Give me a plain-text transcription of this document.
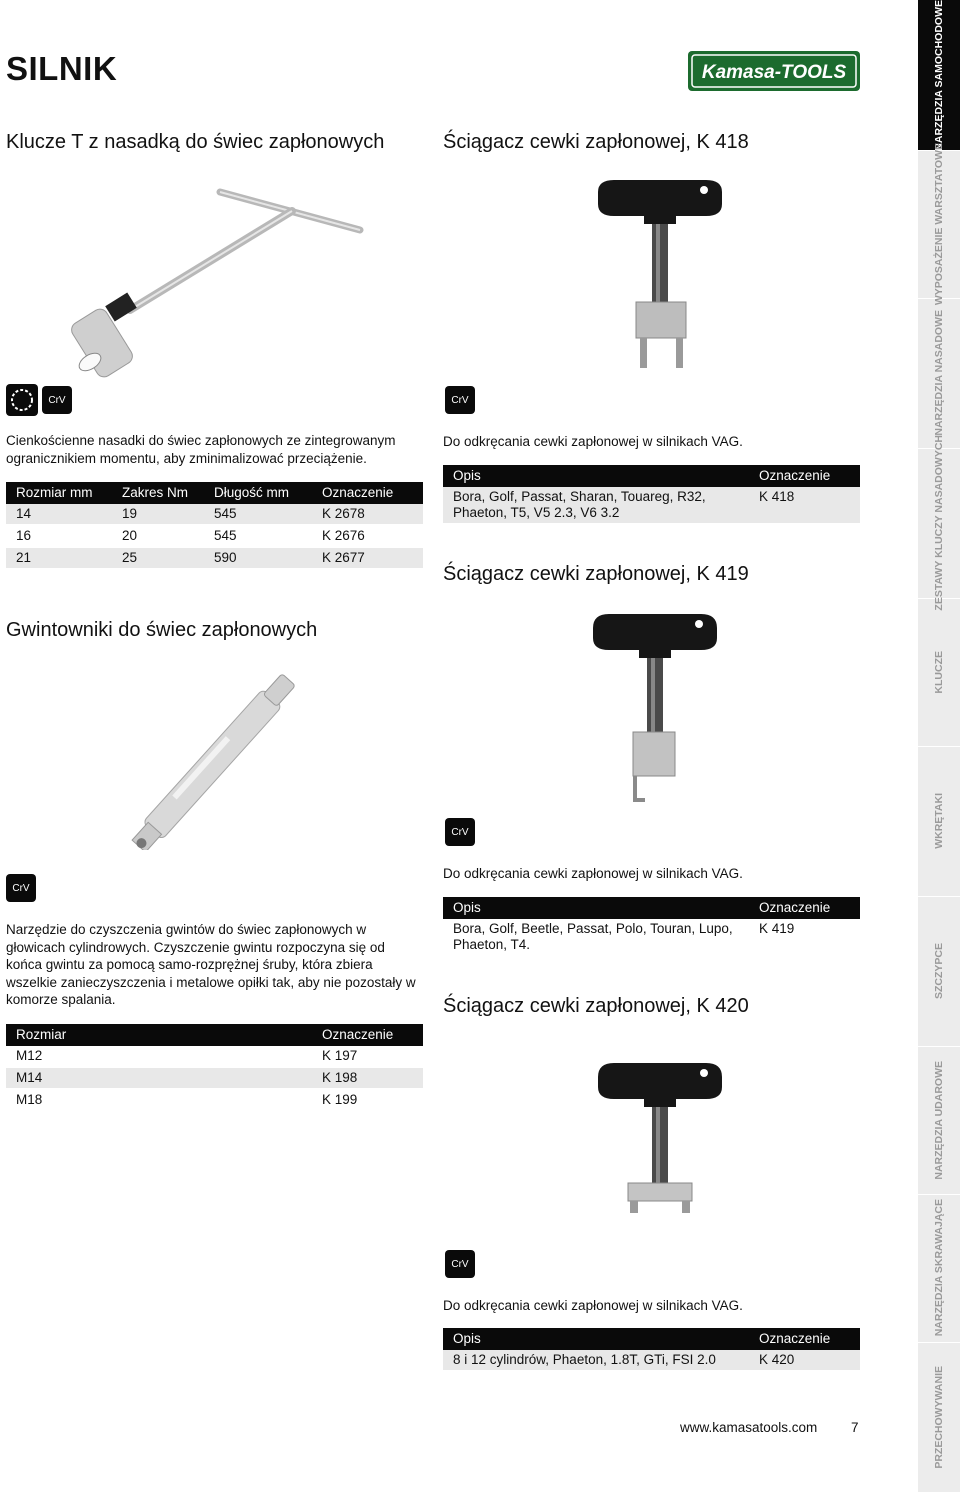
NARZĘDZIA SAMOCHODOWE
WYPOSAŻENIE WARSZTATOWE
NARZĘDZIA NASADOWE
ZESTAWY KLUCZY NASADOWYCH
KLUCZE
WKRĘTAKI
SZCZYPCE
NARZĘDZIA UDAROWE
NARZĘDZIA SKRAWAJĄCE
PRZECHOWYWANIE
SILNIK	Kamasa-TOOLS
Klucze T z nasadką do świec zapłonowych
CrV
Cienkościenne nasadki do świec zapłonowych ze zintegrowanym ogranicznikiem momentu, aby zminimalizować przeciążenie.
Rozmiar mm	Zakres Nm	Długość mm	Oznaczenie
14	19	545	K 2678
16	20	545	K 2676
21	25	590	K 2677
Gwintowniki do świec zapłonowych
CrV
Narzędzie do czyszczenia gwintów do świec zapłonowych w głowicach cylindrowych. Czyszczenie gwintu rozpoczyna się od końca gwintu za pomocą samo-rozprężnej śruby, która zbiera wszelkie zanieczyszczenia i metalowe opiłki tak, aby nie pozostały w komorze spalania.
Rozmiar	Oznaczenie
M12	K 197
M14	K 198
M18	K 199
Ściągacz cewki zapłonowej, K 418
CrV
Do odkręcania cewki zapłonowej w silnikach VAG.
Opis	Oznaczenie
Bora, Golf, Passat, Sharan, Touareg, R32, Phaeton, T5, V5 2.3, V6 3.2	K 418
Ściągacz cewki zapłonowej, K 419
CrV
Do odkręcania cewki zapłonowej w silnikach VAG.
Opis	Oznaczenie
Bora, Golf, Beetle, Passat, Polo, Touran, Lupo, Phaeton, T4.	K 419
Ściągacz cewki zapłonowej, K 420
CrV
Do odkręcania cewki zapłonowej w silnikach VAG.
Opis	Oznaczenie
8 i 12 cylindrów, Phaeton, 1.8T, GTi, FSI 2.0	K 420
www.kamasatools.com 7
